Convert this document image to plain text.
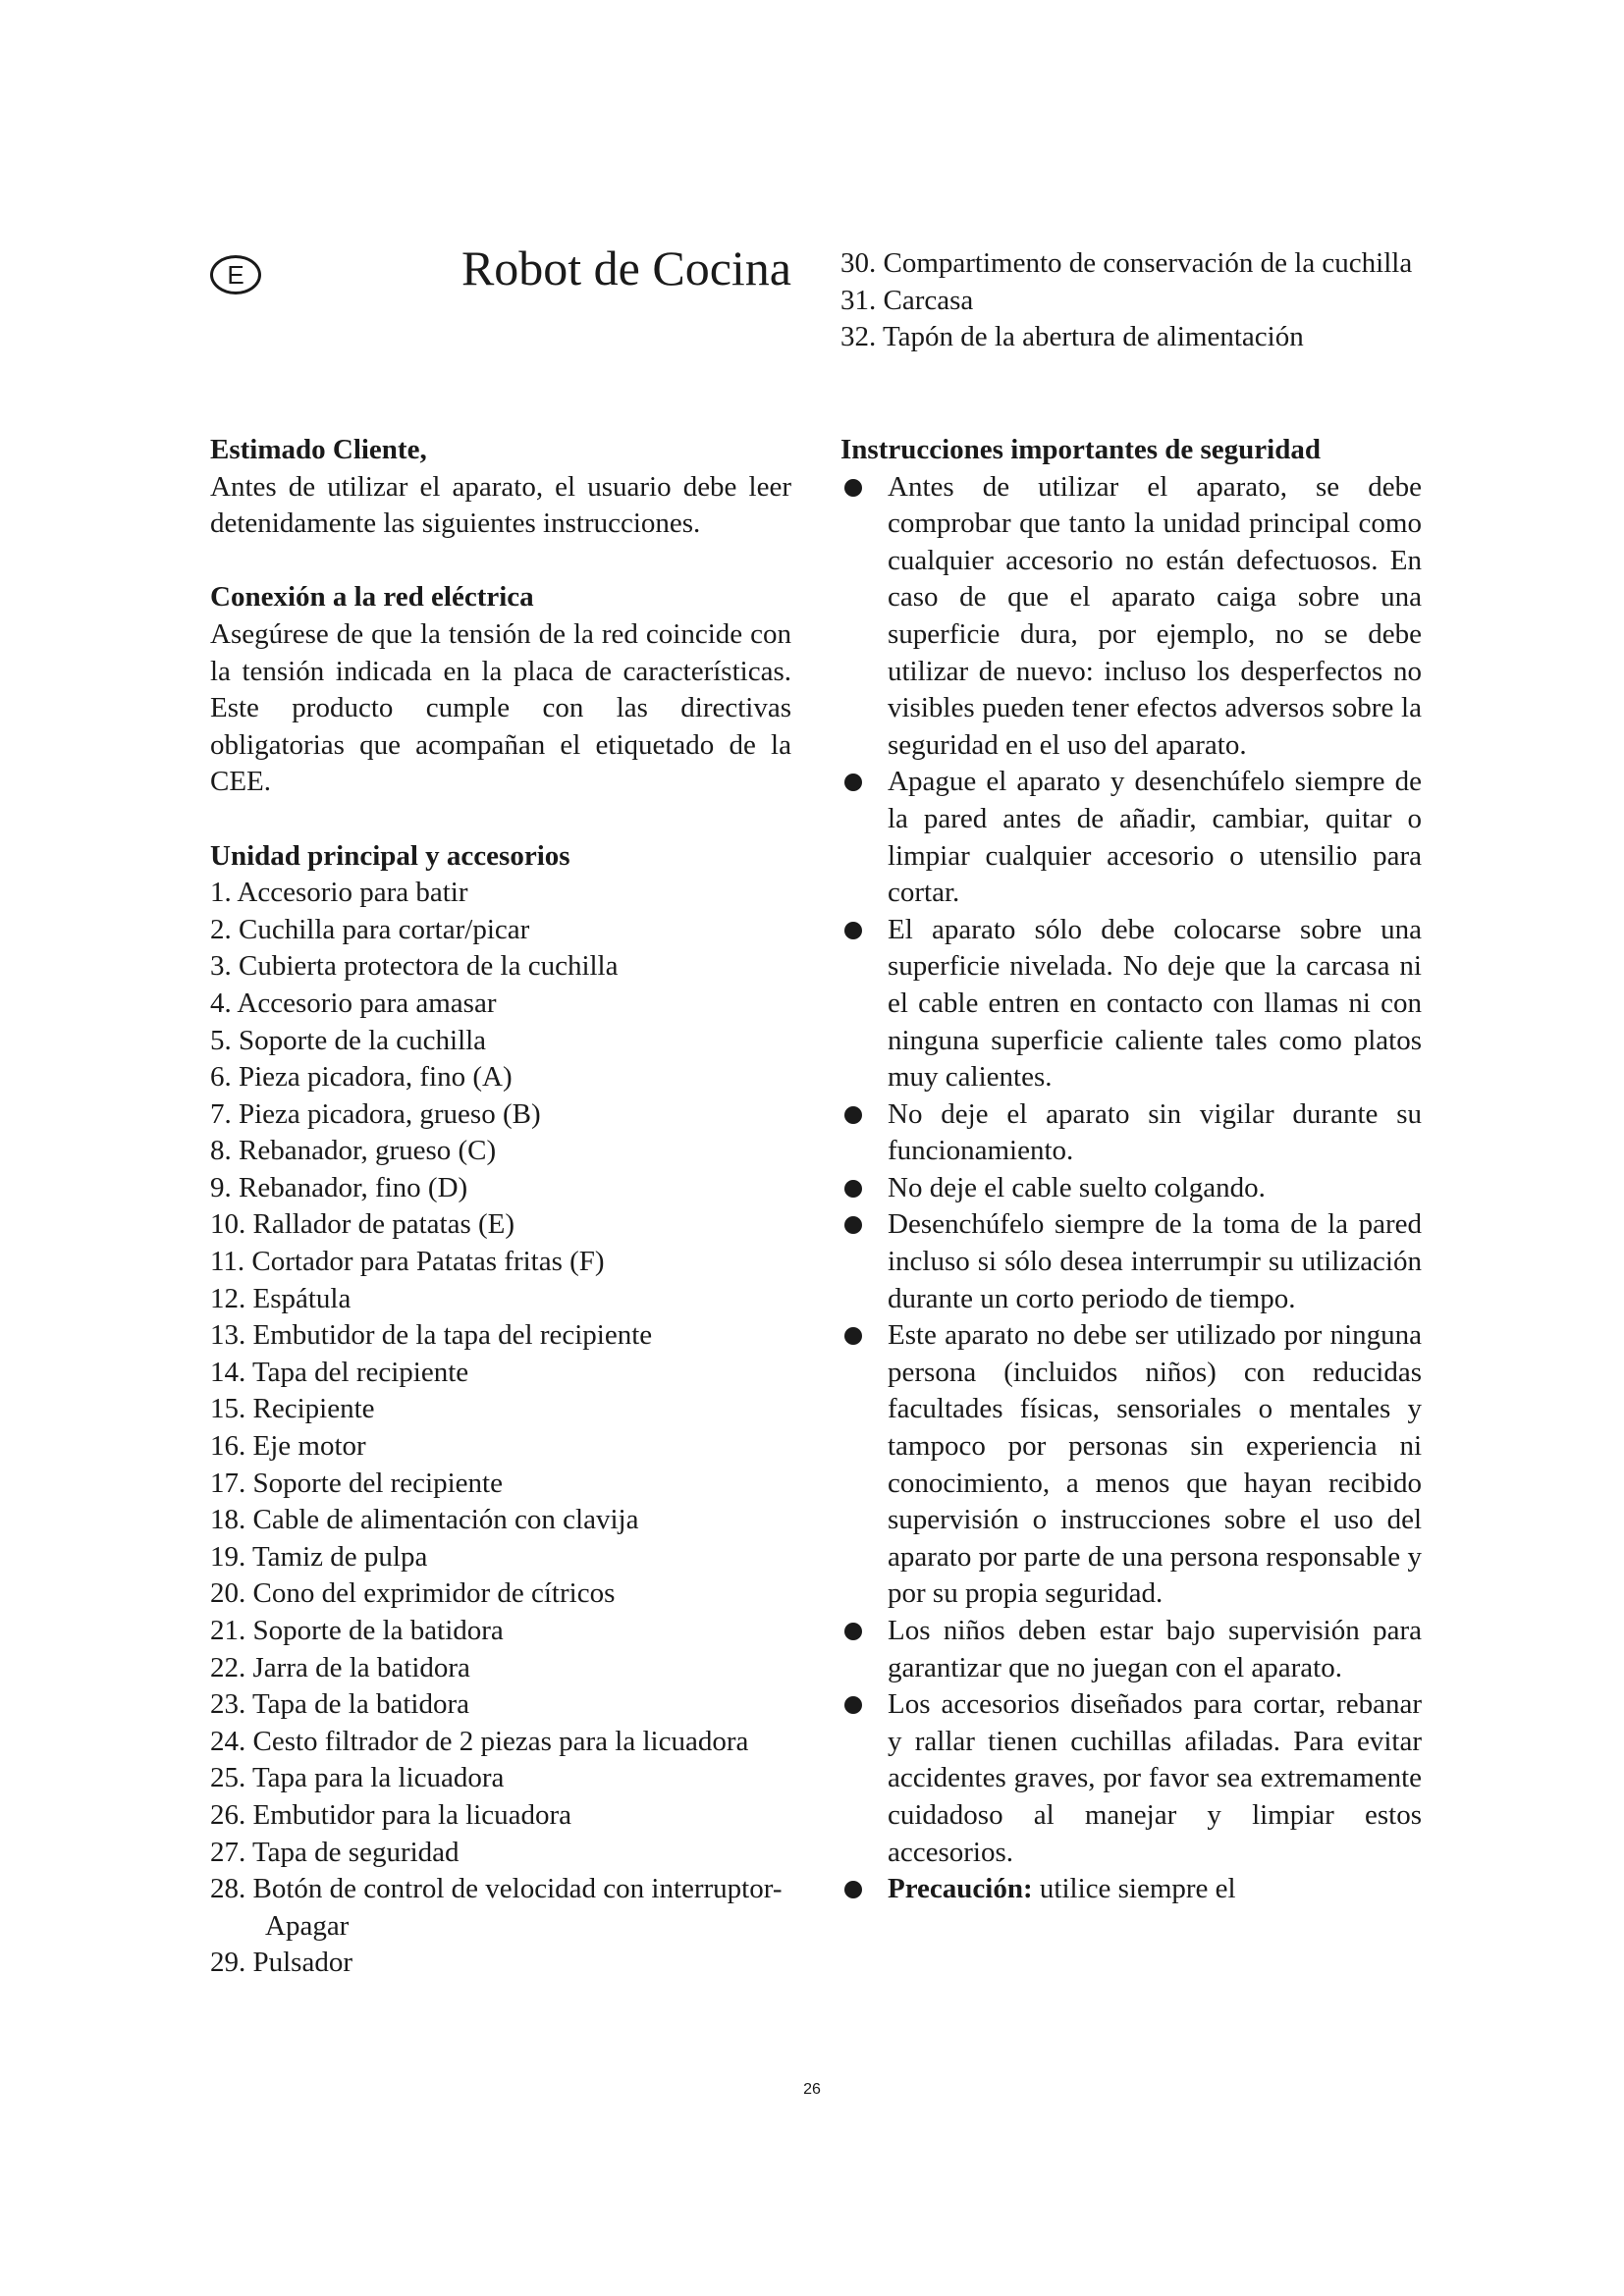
E	Robot de Cocina
Estimado Cliente,

Antes de utilizar el aparato, el usuario debe leer detenidamente las siguientes instrucciones.

Conexión a la red eléctrica

Asegúrese de que la tensión de la red coincide con la tensión indicada en la placa de características. Este producto cumple con las directivas obligatorias que acompañan el etiquetado de la CEE.

Unidad principal y accesorios
1. Accesorio para batir
2. Cuchilla para cortar/picar
3. Cubierta protectora de la cuchilla
4. Accesorio para amasar
5. Soporte de la cuchilla
6. Pieza picadora, fino (A)
7. Pieza picadora, grueso (B)
8. Rebanador, grueso (C)
9. Rebanador, fino (D)
10. Rallador de patatas (E)
11. Cortador para Patatas fritas (F)
12. Espátula
13. Embutidor de la tapa del recipiente
14. Tapa del recipiente
15. Recipiente
16. Eje motor
17. Soporte del recipiente
18. Cable de alimentación con clavija
19. Tamiz de pulpa
20. Cono del exprimidor de cítricos
21. Soporte de la batidora
22. Jarra de la batidora
23. Tapa de la batidora
24. Cesto filtrador de 2 piezas para la licuadora
25. Tapa para la licuadora
26. Embutidor para la licuadora
27. Tapa de seguridad
28. Botón de control de velocidad con interruptor-Apagar
29. Pulsador
30. Compartimento de conservación de la cuchilla
31. Carcasa
32. Tapón de la abertura de alimentación
Instrucciones importantes de seguridad
Antes de utilizar el aparato, se debe comprobar que tanto la unidad principal como cualquier accesorio no están defectuosos. En caso de que el aparato caiga sobre una superficie dura, por ejemplo, no se debe utilizar de nuevo: incluso los desperfectos no visibles pueden tener efectos adversos sobre la seguridad en el uso del aparato.
Apague el aparato y desenchúfelo siempre de la pared antes de añadir, cambiar, quitar o limpiar cualquier accesorio o utensilio para cortar.
El aparato sólo debe colocarse sobre una superficie nivelada. No deje que la carcasa ni el cable entren en contacto con llamas ni con ninguna superficie caliente tales como platos muy calientes.
No deje el aparato sin vigilar durante su funcionamiento.
No deje el cable suelto colgando.
Desenchúfelo siempre de la toma de la pared incluso si sólo desea interrumpir su utilización durante un corto periodo de tiempo.
Este aparato no debe ser utilizado por ninguna persona (incluidos niños) con reducidas facultades físicas, sensoriales o mentales y tampoco por personas sin experiencia ni conocimiento, a menos que hayan recibido supervisión o instrucciones sobre el uso del aparato por parte de una persona responsable y por su propia seguridad.
Los niños deben estar bajo supervisión para garantizar que no juegan con el aparato.
Los accesorios diseñados para cortar, rebanar y rallar tienen cuchillas afiladas. Para evitar accidentes graves, por favor sea extremamente cuidadoso al manejar y limpiar estos accesorios.
Precaución: utilice siempre el
26
